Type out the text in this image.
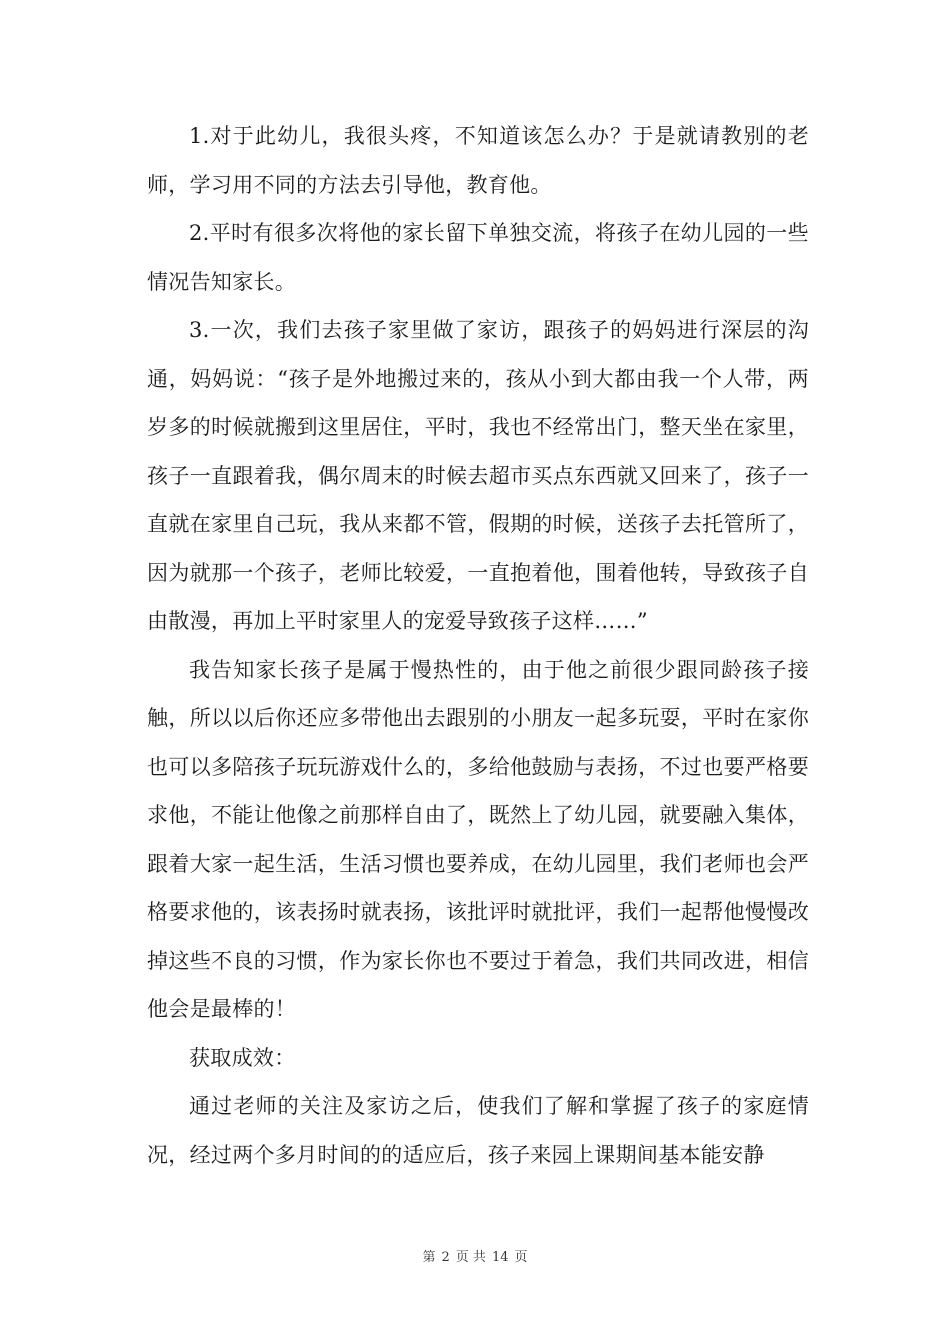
1.对于此幼儿，我很头疼，不知道该怎么办？于是就请教别的老师，学习用不同的方法去引导他，教育他。

2.平时有很多次将他的家长留下单独交流，将孩子在幼儿园的一些情况告知家长。

3.一次，我们去孩子家里做了家访，跟孩子的妈妈进行深层的沟通，妈妈说：“孩子是外地搬过来的，孩从小到大都由我一个人带，两岁多的时候就搬到这里居住，平时，我也不经常出门，整天坐在家里，孩子一直跟着我，偶尔周末的时候去超市买点东西就又回来了，孩子一直就在家里自己玩，我从来都不管，假期的时候，送孩子去托管所了，因为就那一个孩子，老师比较爱，一直抱着他，围着他转，导致孩子自由散漫，再加上平时家里人的宠爱导致孩子这样……”

我告知家长孩子是属于慢热性的，由于他之前很少跟同龄孩子接触，所以以后你还应多带他出去跟别的小朋友一起多玩耍，平时在家你也可以多陪孩子玩玩游戏什么的，多给他鼓励与表扬，不过也要严格要求他，不能让他像之前那样自由了，既然上了幼儿园，就要融入集体，跟着大家一起生活，生活习惯也要养成，在幼儿园里，我们老师也会严格要求他的，该表扬时就表扬，该批评时就批评，我们一起帮他慢慢改掉这些不良的习惯，作为家长你也不要过于着急，我们共同改进，相信他会是最棒的！

获取成效：

通过老师的关注及家访之后，使我们了解和掌握了孩子的家庭情况，经过两个多月时间的的适应后，孩子来园上课期间基本能安静

第 2 页 共 14 页
